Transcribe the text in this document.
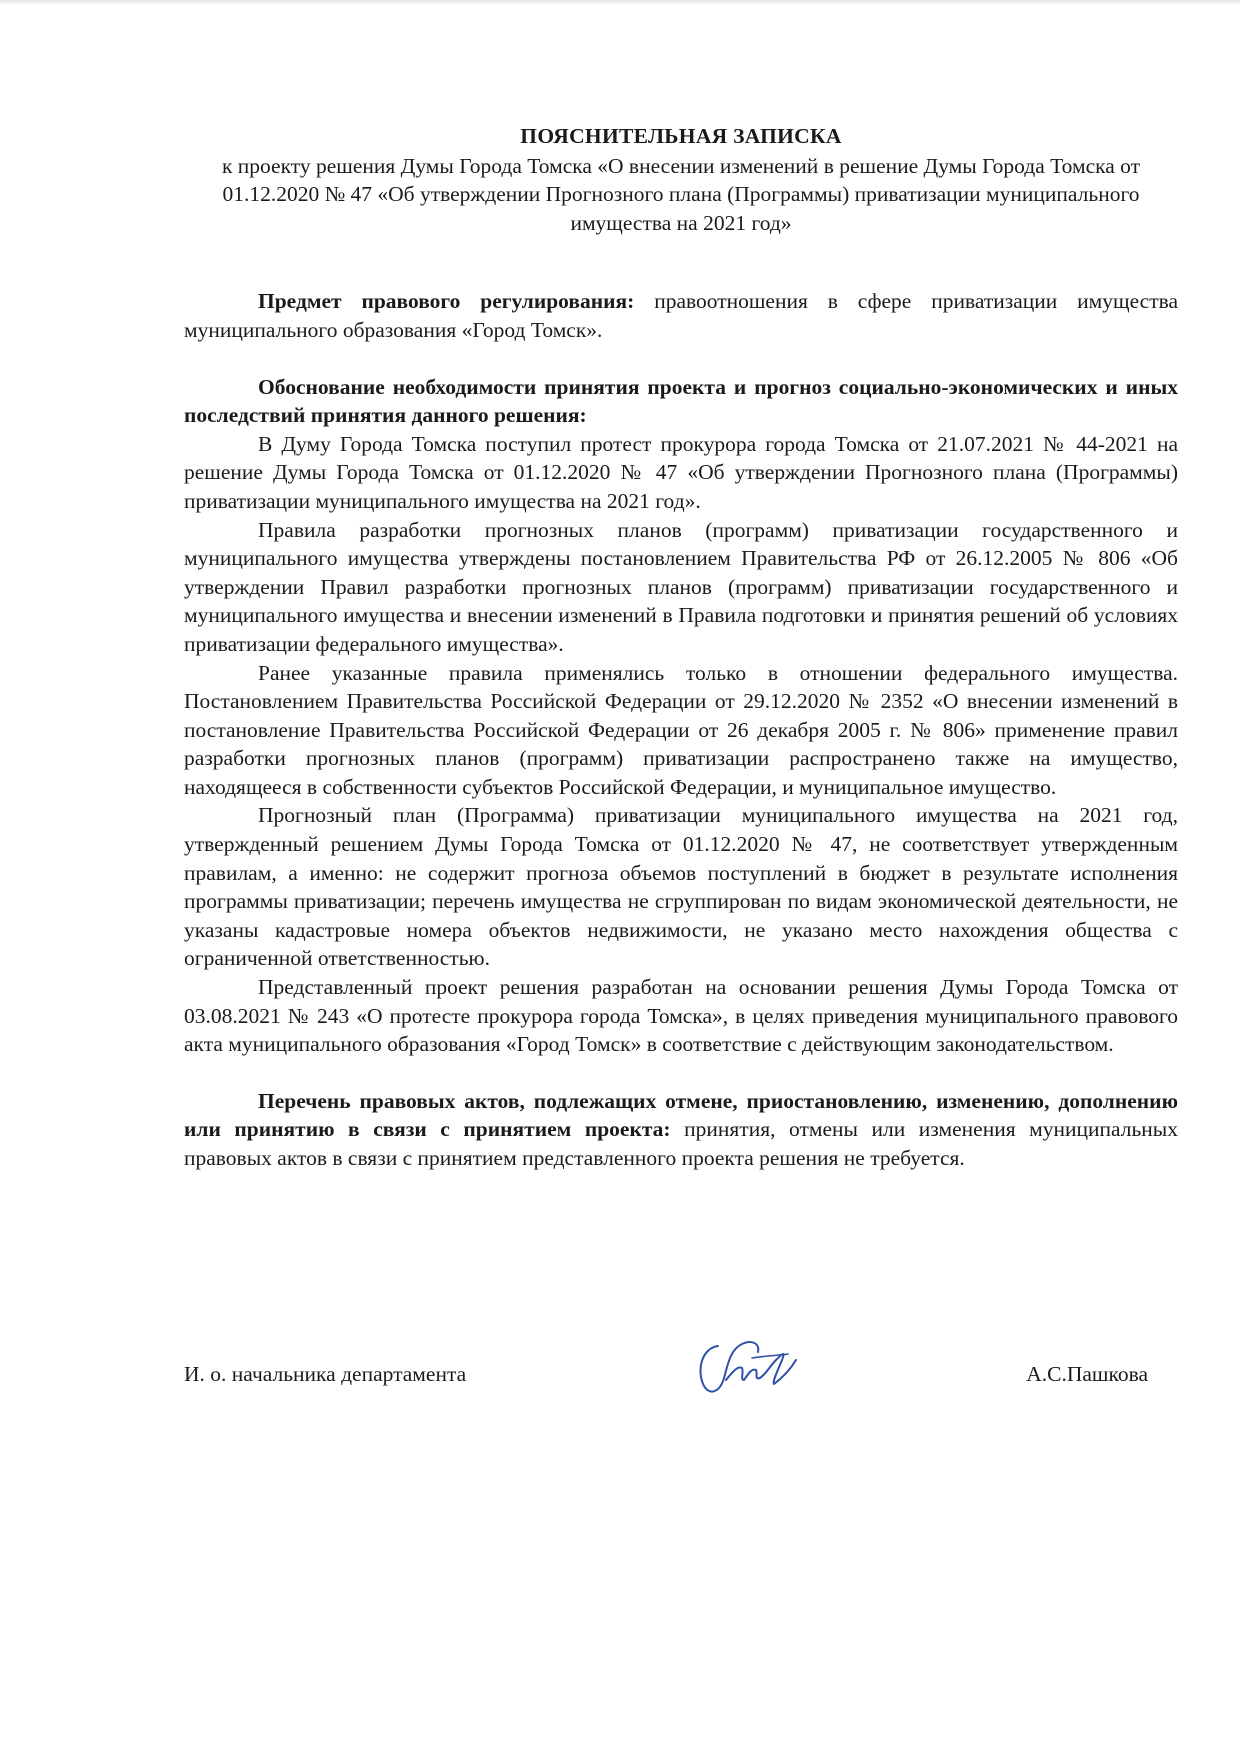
ПОЯСНИТЕЛЬНАЯ ЗАПИСКА

к проекту решения Думы Города Томска «О внесении изменений в решение Думы Города Томска от 01.12.2020 № 47 «Об утверждении Прогнозного плана (Программы) приватизации муниципального имущества на 2021 год»

Предмет правового регулирования: правоотношения в сфере приватизации имущества муниципального образования «Город Томск».

Обоснование необходимости принятия проекта и прогноз социально-экономических и иных последствий принятия данного решения:

В Думу Города Томска поступил протест прокурора города Томска от 21.07.2021 № 44-2021 на решение Думы Города Томска от 01.12.2020 № 47 «Об утверждении Прогнозного плана (Программы) приватизации муниципального имущества на 2021 год».

Правила разработки прогнозных планов (программ) приватизации государственного и муниципального имущества утверждены постановлением Правительства РФ от 26.12.2005 № 806 «Об утверждении Правил разработки прогнозных планов (программ) приватизации государственного и муниципального имущества и внесении изменений в Правила подготовки и принятия решений об условиях приватизации федерального имущества».

Ранее указанные правила применялись только в отношении федерального имущества. Постановлением Правительства Российской Федерации от 29.12.2020 № 2352 «О внесении изменений в постановление Правительства Российской Федерации от 26 декабря 2005 г. № 806» применение правил разработки прогнозных планов (программ) приватизации распространено также на имущество, находящееся в собственности субъектов Российской Федерации, и муниципальное имущество.

Прогнозный план (Программа) приватизации муниципального имущества на 2021 год, утвержденный решением Думы Города Томска от 01.12.2020 № 47, не соответствует утвержденным правилам, а именно: не содержит прогноза объемов поступлений в бюджет в результате исполнения программы приватизации; перечень имущества не сгруппирован по видам экономической деятельности, не указаны кадастровые номера объектов недвижимости, не указано место нахождения общества с ограниченной ответственностью.

Представленный проект решения разработан на основании решения Думы Города Томска от 03.08.2021 № 243 «О протесте прокурора города Томска», в целях приведения муниципального правового акта муниципального образования «Город Томск» в соответствие с действующим законодательством.

Перечень правовых актов, подлежащих отмене, приостановлению, изменению, дополнению или принятию в связи с принятием проекта: принятия, отмены или изменения муниципальных правовых актов в связи с принятием представленного проекта решения не требуется.

И. о. начальника департамента	А.С.Пашкова
